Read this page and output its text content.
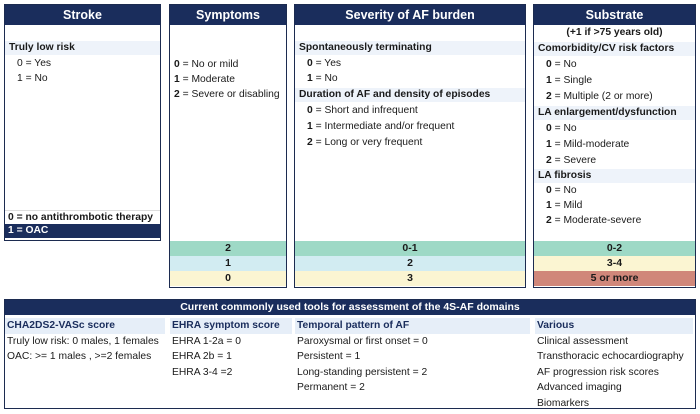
Stroke
Truly low risk
0 = Yes
1 = No
0 = no antithrombotic therapy
1 = OAC
Symptoms
0 = No or mild
1 = Moderate
2 = Severe or disabling
2
1
0
Severity of AF burden
Spontaneously terminating
0 = Yes
1 = No
Duration of AF and density of episodes
0 = Short and infrequent
1 = Intermediate and/or frequent
2 = Long or very frequent
0-1
2
3
Substrate
(+1 if >75 years old)
Comorbidity/CV risk factors
0 = No
1 = Single
2 = Multiple (2 or more)
LA enlargement/dysfunction
0 = No
1 = Mild-moderate
2 = Severe
LA fibrosis
0 = No
1 = Mild
2 = Moderate-severe
0-2
3-4
5 or more
Current commonly used tools for assessment of the 4S-AF domains
CHA2DS2-VASc score
Truly low risk: 0 males, 1 females
OAC: >= 1 males , >=2 females
EHRA symptom score
EHRA 1-2a = 0
EHRA 2b = 1
EHRA 3-4 =2
Temporal pattern of AF
Paroxysmal or first onset = 0
Persistent = 1
Long-standing persistent = 2
Permanent = 2
Various
Clinical assessment
Transthoracic echocardiography
AF progression risk scores
Advanced imaging
Biomarkers
